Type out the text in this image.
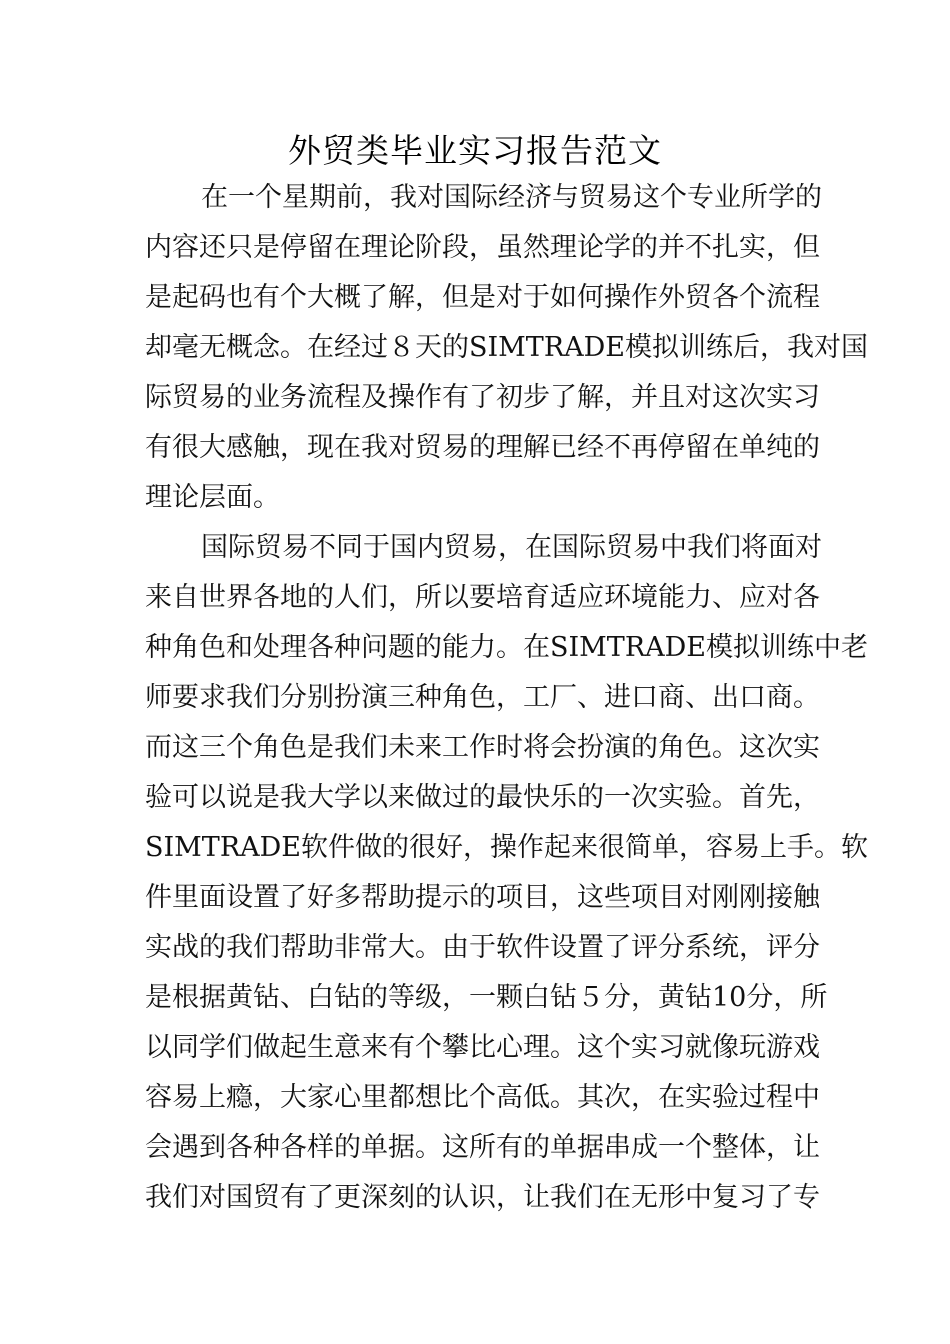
外贸类毕业实习报告范文
在一个星期前，我对国际经济与贸易这个专业所学的
内容还只是停留在理论阶段，虽然理论学的并不扎实，但
是起码也有个大概了解，但是对于如何操作外贸各个流程
却毫无概念。在经过８天的SIMTRADE模拟训练后，我对国
际贸易的业务流程及操作有了初步了解，并且对这次实习
有很大感触，现在我对贸易的理解已经不再停留在单纯的
理论层面。
国际贸易不同于国内贸易，在国际贸易中我们将面对
来自世界各地的人们，所以要培育适应环境能力、应对各
种角色和处理各种问题的能力。在SIMTRADE模拟训练中老
师要求我们分别扮演三种角色，工厂、进口商、出口商。
而这三个角色是我们未来工作时将会扮演的角色。这次实
验可以说是我大学以来做过的最快乐的一次实验。首先，
SIMTRADE软件做的很好，操作起来很简单，容易上手。软
件里面设置了好多帮助提示的项目，这些项目对刚刚接触
实战的我们帮助非常大。由于软件设置了评分系统，评分
是根据黄钻、白钻的等级，一颗白钻５分，黄钻10分，所
以同学们做起生意来有个攀比心理。这个实习就像玩游戏
容易上瘾，大家心里都想比个高低。其次，在实验过程中
会遇到各种各样的单据。这所有的单据串成一个整体，让
我们对国贸有了更深刻的认识，让我们在无形中复习了专
